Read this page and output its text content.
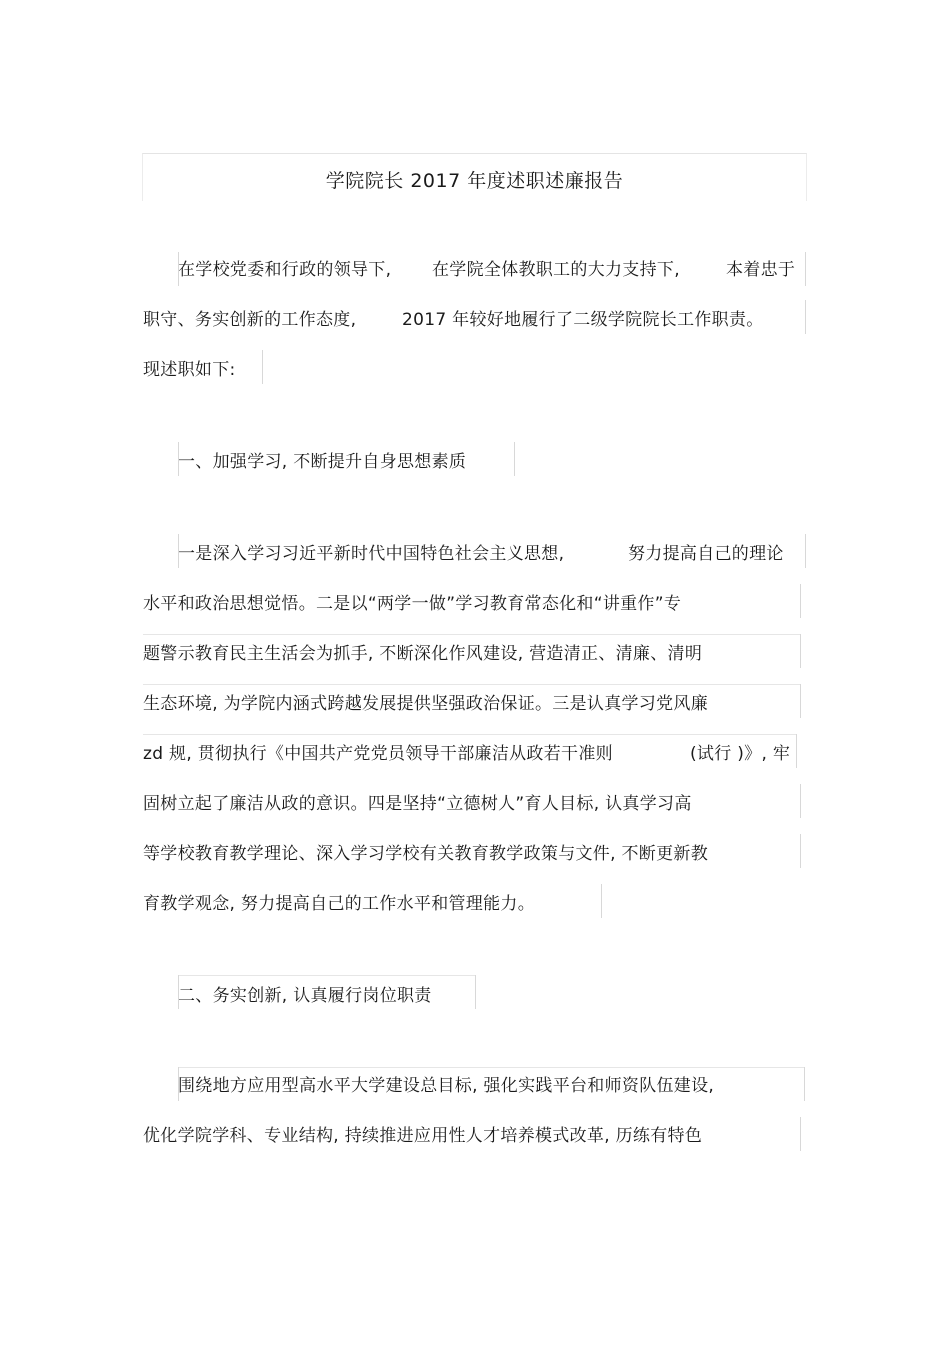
学院院长 2017 年度述职述廉报告
在学校党委和行政的领导下, 在学院全体教职工的大力支持下,	本着忠于
职守、务实创新的工作态度,	2017 年较好地履行了二级学院院长工作职责。
现述职如下:
一、加强学习, 不断提升自身思想素质
一是深入学习习近平新时代中国特色社会主义思想,	努力提高自己的理论
水平和政治思想觉悟。二是以“两学一做”学习教育常态化和“讲重作”专
题警示教育民主生活会为抓手, 不断深化作风建设, 营造清正、清廉、清明
生态环境, 为学院内涵式跨越发展提供坚强政治保证。三是认真学习党风廉
zd 规, 贯彻执行《中国共产党党员领导干部廉洁从政若干准则	(试行 )》, 牢
固树立起了廉洁从政的意识。四是坚持“立德树人”育人目标, 认真学习高
等学校教育教学理论、深入学习学校有关教育教学政策与文件, 不断更新教
育教学观念, 努力提高自己的工作水平和管理能力。
二、务实创新, 认真履行岗位职责
围绕地方应用型高水平大学建设总目标, 强化实践平台和师资队伍建设,
优化学院学科、专业结构, 持续推进应用性人才培养模式改革, 历练有特色
